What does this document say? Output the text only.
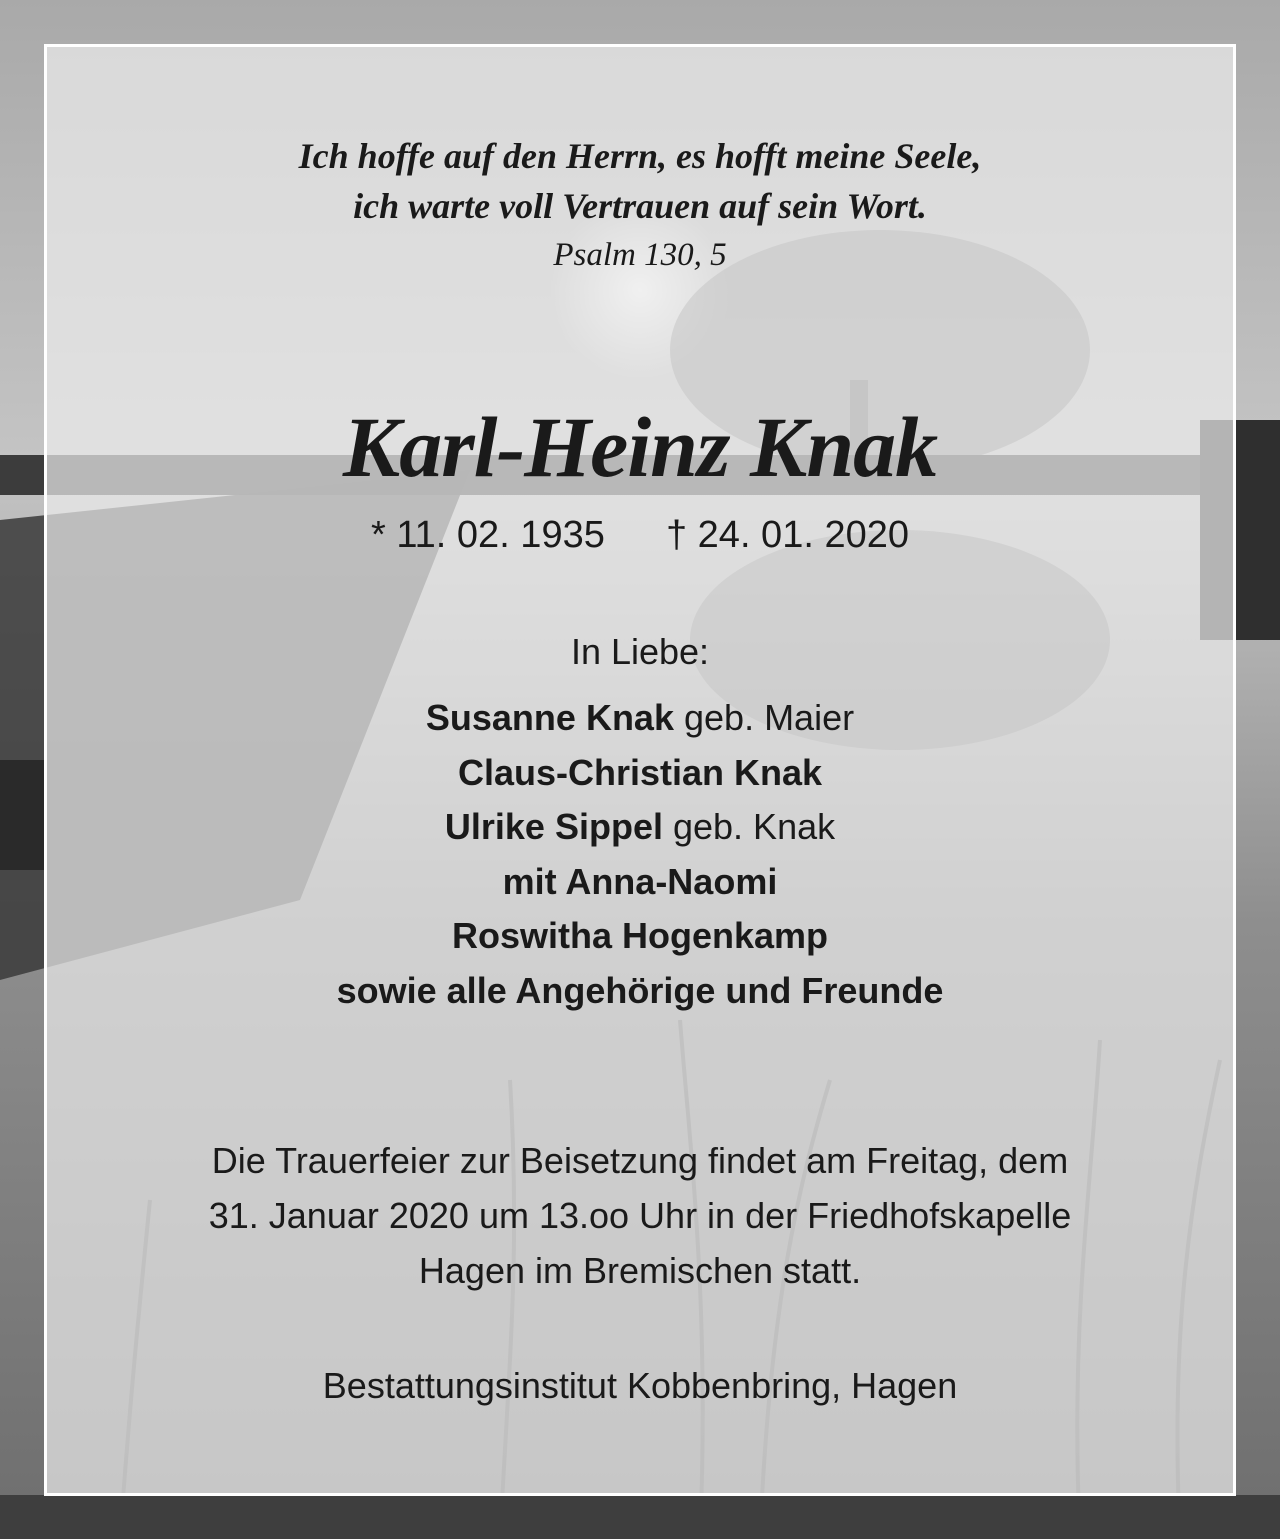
Ich hoffe auf den Herrn, es hofft meine Seele,
ich warte voll Vertrauen auf sein Wort.
Psalm 130, 5
Karl-Heinz Knak
* 11. 02. 1935 † 24. 01. 2020
In Liebe:
Susanne Knak geb. Maier
Claus-Christian Knak
Ulrike Sippel geb. Knak
mit Anna-Naomi
Roswitha Hogenkamp
sowie alle Angehörige und Freunde
Die Trauerfeier zur Beisetzung findet am Freitag, dem
31. Januar 2020 um 13.oo Uhr in der Friedhofskapelle
Hagen im Bremischen statt.
Bestattungsinstitut Kobbenbring, Hagen
